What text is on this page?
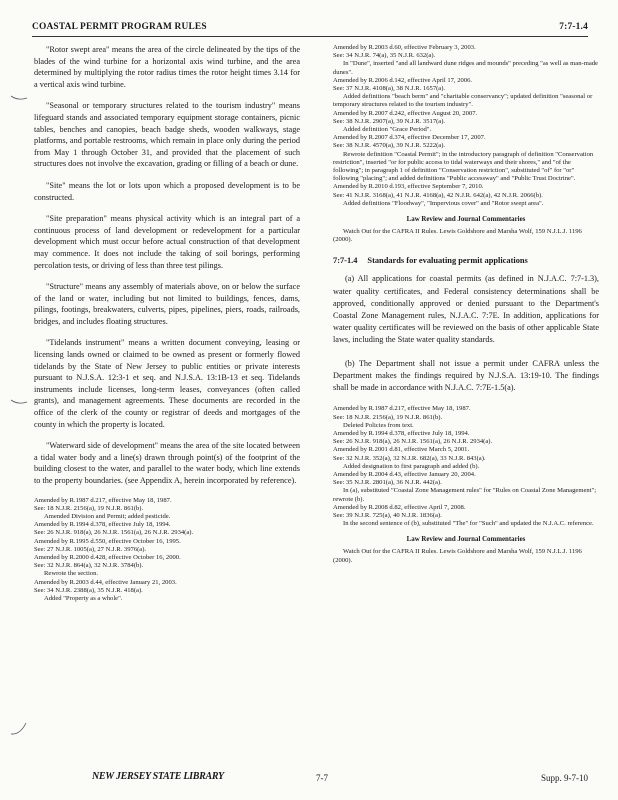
COASTAL PERMIT PROGRAM RULES	7:7-1.4

"Rotor swept area" means the area of the circle delineated by the tips of the blades of the wind turbine for a horizontal axis wind turbine, and the area determined by multiplying the rotor radius times the rotor height times 3.14 for a vertical axis wind turbine.

"Seasonal or temporary structures related to the tourism industry" means lifeguard stands and associated temporary equipment storage containers, picnic tables, benches and canopies, beach badge sheds, wooden walkways, stage platforms, and portable restrooms, which remain in place only during the period from May 1 through October 31, and provided that the placement of such structures does not involve the excavation, grading or filling of a beach or dune.

"Site" means the lot or lots upon which a proposed development is to be constructed.

"Site preparation" means physical activity which is an integral part of a continuous process of land development or redevelopment for a particular development which must occur before actual construction of that development may commence. It does not include the taking of soil borings, performing percolation tests, or driving of less than three test pilings.

"Structure" means any assembly of materials above, on or below the surface of the land or water, including but not limited to buildings, fences, dams, pilings, footings, breakwaters, culverts, pipes, pipelines, piers, roads, railroads, bridges, and includes floating structures.

"Tidelands instrument" means a written document conveying, leasing or licensing lands owned or claimed to be owned as present or formerly flowed tidelands by the State of New Jersey to public entities or private interests pursuant to N.J.S.A. 12:3-1 et seq. and N.J.S.A. 13:1B-13 et seq. Tidelands instruments include licenses, long-term leases, conveyances (often called grants), and management agreements. These documents are recorded in the office of the clerk of the county or registrar of deeds and mortgages of the county in which the property is located.

"Waterward side of development" means the area of the site located between a tidal water body and a line(s) drawn through point(s) of the footprint of the building closest to the water, and parallel to the water body, which line extends to the property boundaries. (see Appendix A, herein incorporated by reference).

Amended by R.1987 d.217, effective May 18, 1987.
See: 18 N.J.R. 2156(a), 19 N.J.R. 861(b).
Amended Division and Permit; added pesticide.
Amended by R.1994 d.378, effective July 18, 1994.
See: 26 N.J.R. 918(a), 26 N.J.R. 1561(a), 26 N.J.R. 2934(a).
Amended by R.1995 d.550, effective October 16, 1995.
See: 27 N.J.R. 1005(a), 27 N.J.R. 3976(a).
Amended by R.2000 d.428, effective October 16, 2000.
See: 32 N.J.R. 864(a), 32 N.J.R. 3784(b).
Rewrote the section.
Amended by R.2003 d.44, effective January 21, 2003.
See: 34 N.J.R. 2388(a), 35 N.J.R. 418(a).
Added "Property as a whole".
Amended by R.2003 d.60, effective February 3, 2003.
See: 34 N.J.R. 74(a), 35 N.J.R. 632(a).
In "Dune", inserted "and all landward dune ridges and mounds" preceding "as well as man-made dunes".
Amended by R.2006 d.142, effective April 17, 2006.
See: 37 N.J.R. 4108(a), 38 N.J.R. 1657(a).
Added definitions "beach berm" and "charitable conservancy"; updated definition "seasonal or temporary structures related to the tourism industry".
Amended by R.2007 d.242, effective August 20, 2007.
See: 38 N.J.R. 2907(a), 39 N.J.R. 3517(a).
Added definition "Grace Period".
Amended by R.2007 d.374, effective December 17, 2007.
See: 38 N.J.R. 4570(a), 39 N.J.R. 5222(a).
Rewrote definition "Coastal Permit"; in the introductory paragraph of definition "Conservation restriction", inserted "or for public access to tidal waterways and their shores," and "of the following"; in paragraph 1 of definition "Conservation restriction", substituted "of" for "or" following "placing"; and added definitions "Public accessway" and "Public Trust Doctrine".
Amended by R.2010 d.193, effective September 7, 2010.
See: 41 N.J.R. 3168(a), 41 N.J.R. 4168(a), 42 N.J.R. 642(a), 42 N.J.R. 2066(b).
Added definitions "Floodway", "Impervious cover" and "Rotor swept area".
Law Review and Journal Commentaries
Watch Out for the CAFRA II Rules. Lewis Goldshore and Marsha Wolf, 159 N.J.L.J. 1196 (2000).
7:7-1.4 Standards for evaluating permit applications

(a) All applications for coastal permits (as defined in N.J.A.C. 7:7-1.3), water quality certificates, and Federal consistency determinations shall be approved, conditionally approved or denied pursuant to the Department's Coastal Zone Management rules, N.J.A.C. 7:7E. In addition, applications for water quality certificates will be reviewed on the basis of other applicable State laws, including the State water quality standards.

(b) The Department shall not issue a permit under CAFRA unless the Department makes the findings required by N.J.S.A. 13:19-10. The findings shall be made in accordance with N.J.A.C. 7:7E-1.5(a).

Amended by R.1987 d.217, effective May 18, 1987.
See: 18 N.J.R. 2156(a), 19 N.J.R. 861(b).
Deleted Policies from text.
Amended by R.1994 d.378, effective July 18, 1994.
See: 26 N.J.R. 918(a), 26 N.J.R. 1561(a), 26 N.J.R. 2934(a).
Amended by R.2001 d.81, effective March 5, 2001.
See: 32 N.J.R. 352(a), 32 N.J.R. 682(a), 33 N.J.R. 843(a).
Added designation to first paragraph and added (b).
Amended by R.2004 d.43, effective January 20, 2004.
See: 35 N.J.R. 2801(a), 36 N.J.R. 442(a).
In (a), substituted "Coastal Zone Management rules" for "Rules on Coastal Zone Management"; rewrote (b).
Amended by R.2008 d.82, effective April 7, 2008.
See: 39 N.J.R. 725(a), 40 N.J.R. 1836(a).
In the second sentence of (b), substituted "The" for "Such" and updated the N.J.A.C. reference.
Law Review and Journal Commentaries
Watch Out for the CAFRA II Rules. Lewis Goldshore and Marsha Wolf, 159 N.J.L.J. 1196 (2000).
NEW JERSEY STATE LIBRARY	7-7	Supp. 9-7-10
